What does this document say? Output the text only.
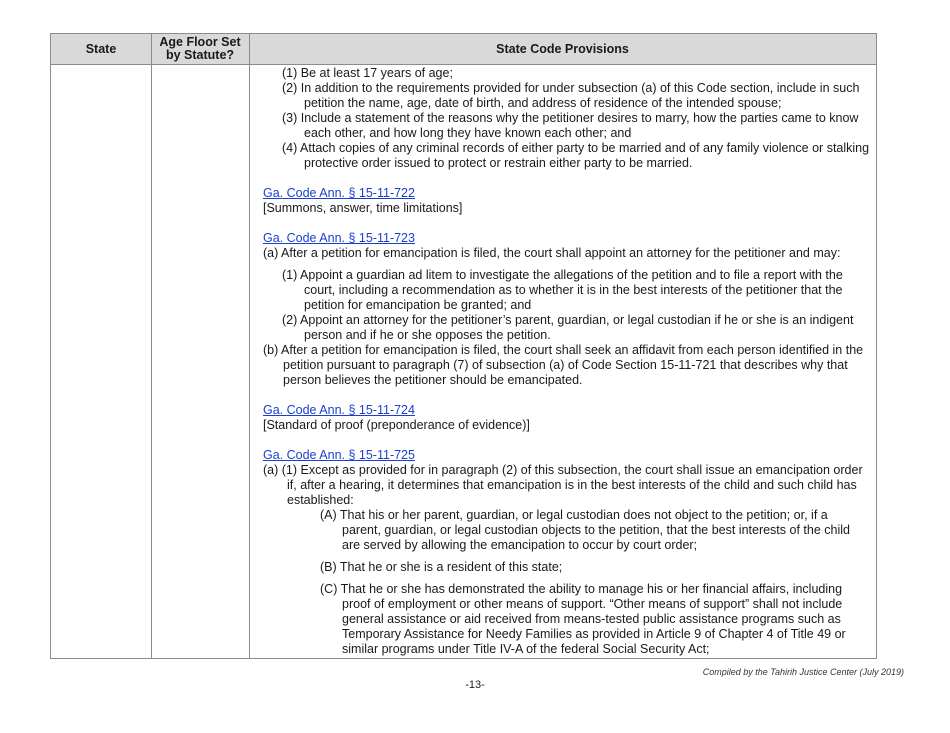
State	Age Floor Set by Statute?	State Code Provisions
(1) Be at least 17 years of age;
(2) In addition to the requirements provided for under subsection (a) of this Code section, include in such petition the name, age, date of birth, and address of residence of the intended spouse;
(3) Include a statement of the reasons why the petitioner desires to marry, how the parties came to know each other, and how long they have known each other; and
(4) Attach copies of any criminal records of either party to be married and of any family violence or stalking protective order issued to protect or restrain either party to be married.
Ga. Code Ann. § 15-11-722
[Summons, answer, time limitations]
Ga. Code Ann. § 15-11-723
(a) After a petition for emancipation is filed, the court shall appoint an attorney for the petitioner and may:
(1) Appoint a guardian ad litem to investigate the allegations of the petition and to file a report with the court, including a recommendation as to whether it is in the best interests of the petitioner that the petition for emancipation be granted; and
(2) Appoint an attorney for the petitioner’s parent, guardian, or legal custodian if he or she is an indigent person and if he or she opposes the petition.
(b) After a petition for emancipation is filed, the court shall seek an affidavit from each person identified in the petition pursuant to paragraph (7) of subsection (a) of Code Section 15-11-721 that describes why that person believes the petitioner should be emancipated.
Ga. Code Ann. § 15-11-724
[Standard of proof (preponderance of evidence)]
Ga. Code Ann. § 15-11-725
(a) (1) Except as provided for in paragraph (2) of this subsection, the court shall issue an emancipation order if, after a hearing, it determines that emancipation is in the best interests of the child and such child has established:
(A) That his or her parent, guardian, or legal custodian does not object to the petition; or, if a parent, guardian, or legal custodian objects to the petition, that the best interests of the child are served by allowing the emancipation to occur by court order;
(B) That he or she is a resident of this state;
(C) That he or she has demonstrated the ability to manage his or her financial affairs, including proof of employment or other means of support. “Other means of support” shall not include general assistance or aid received from means-tested public assistance programs such as Temporary Assistance for Needy Families as provided in Article 9 of Chapter 4 of Title 49 or similar programs under Title IV-A of the federal Social Security Act;
Compiled by the Tahirih Justice Center (July 2019)
-13-
